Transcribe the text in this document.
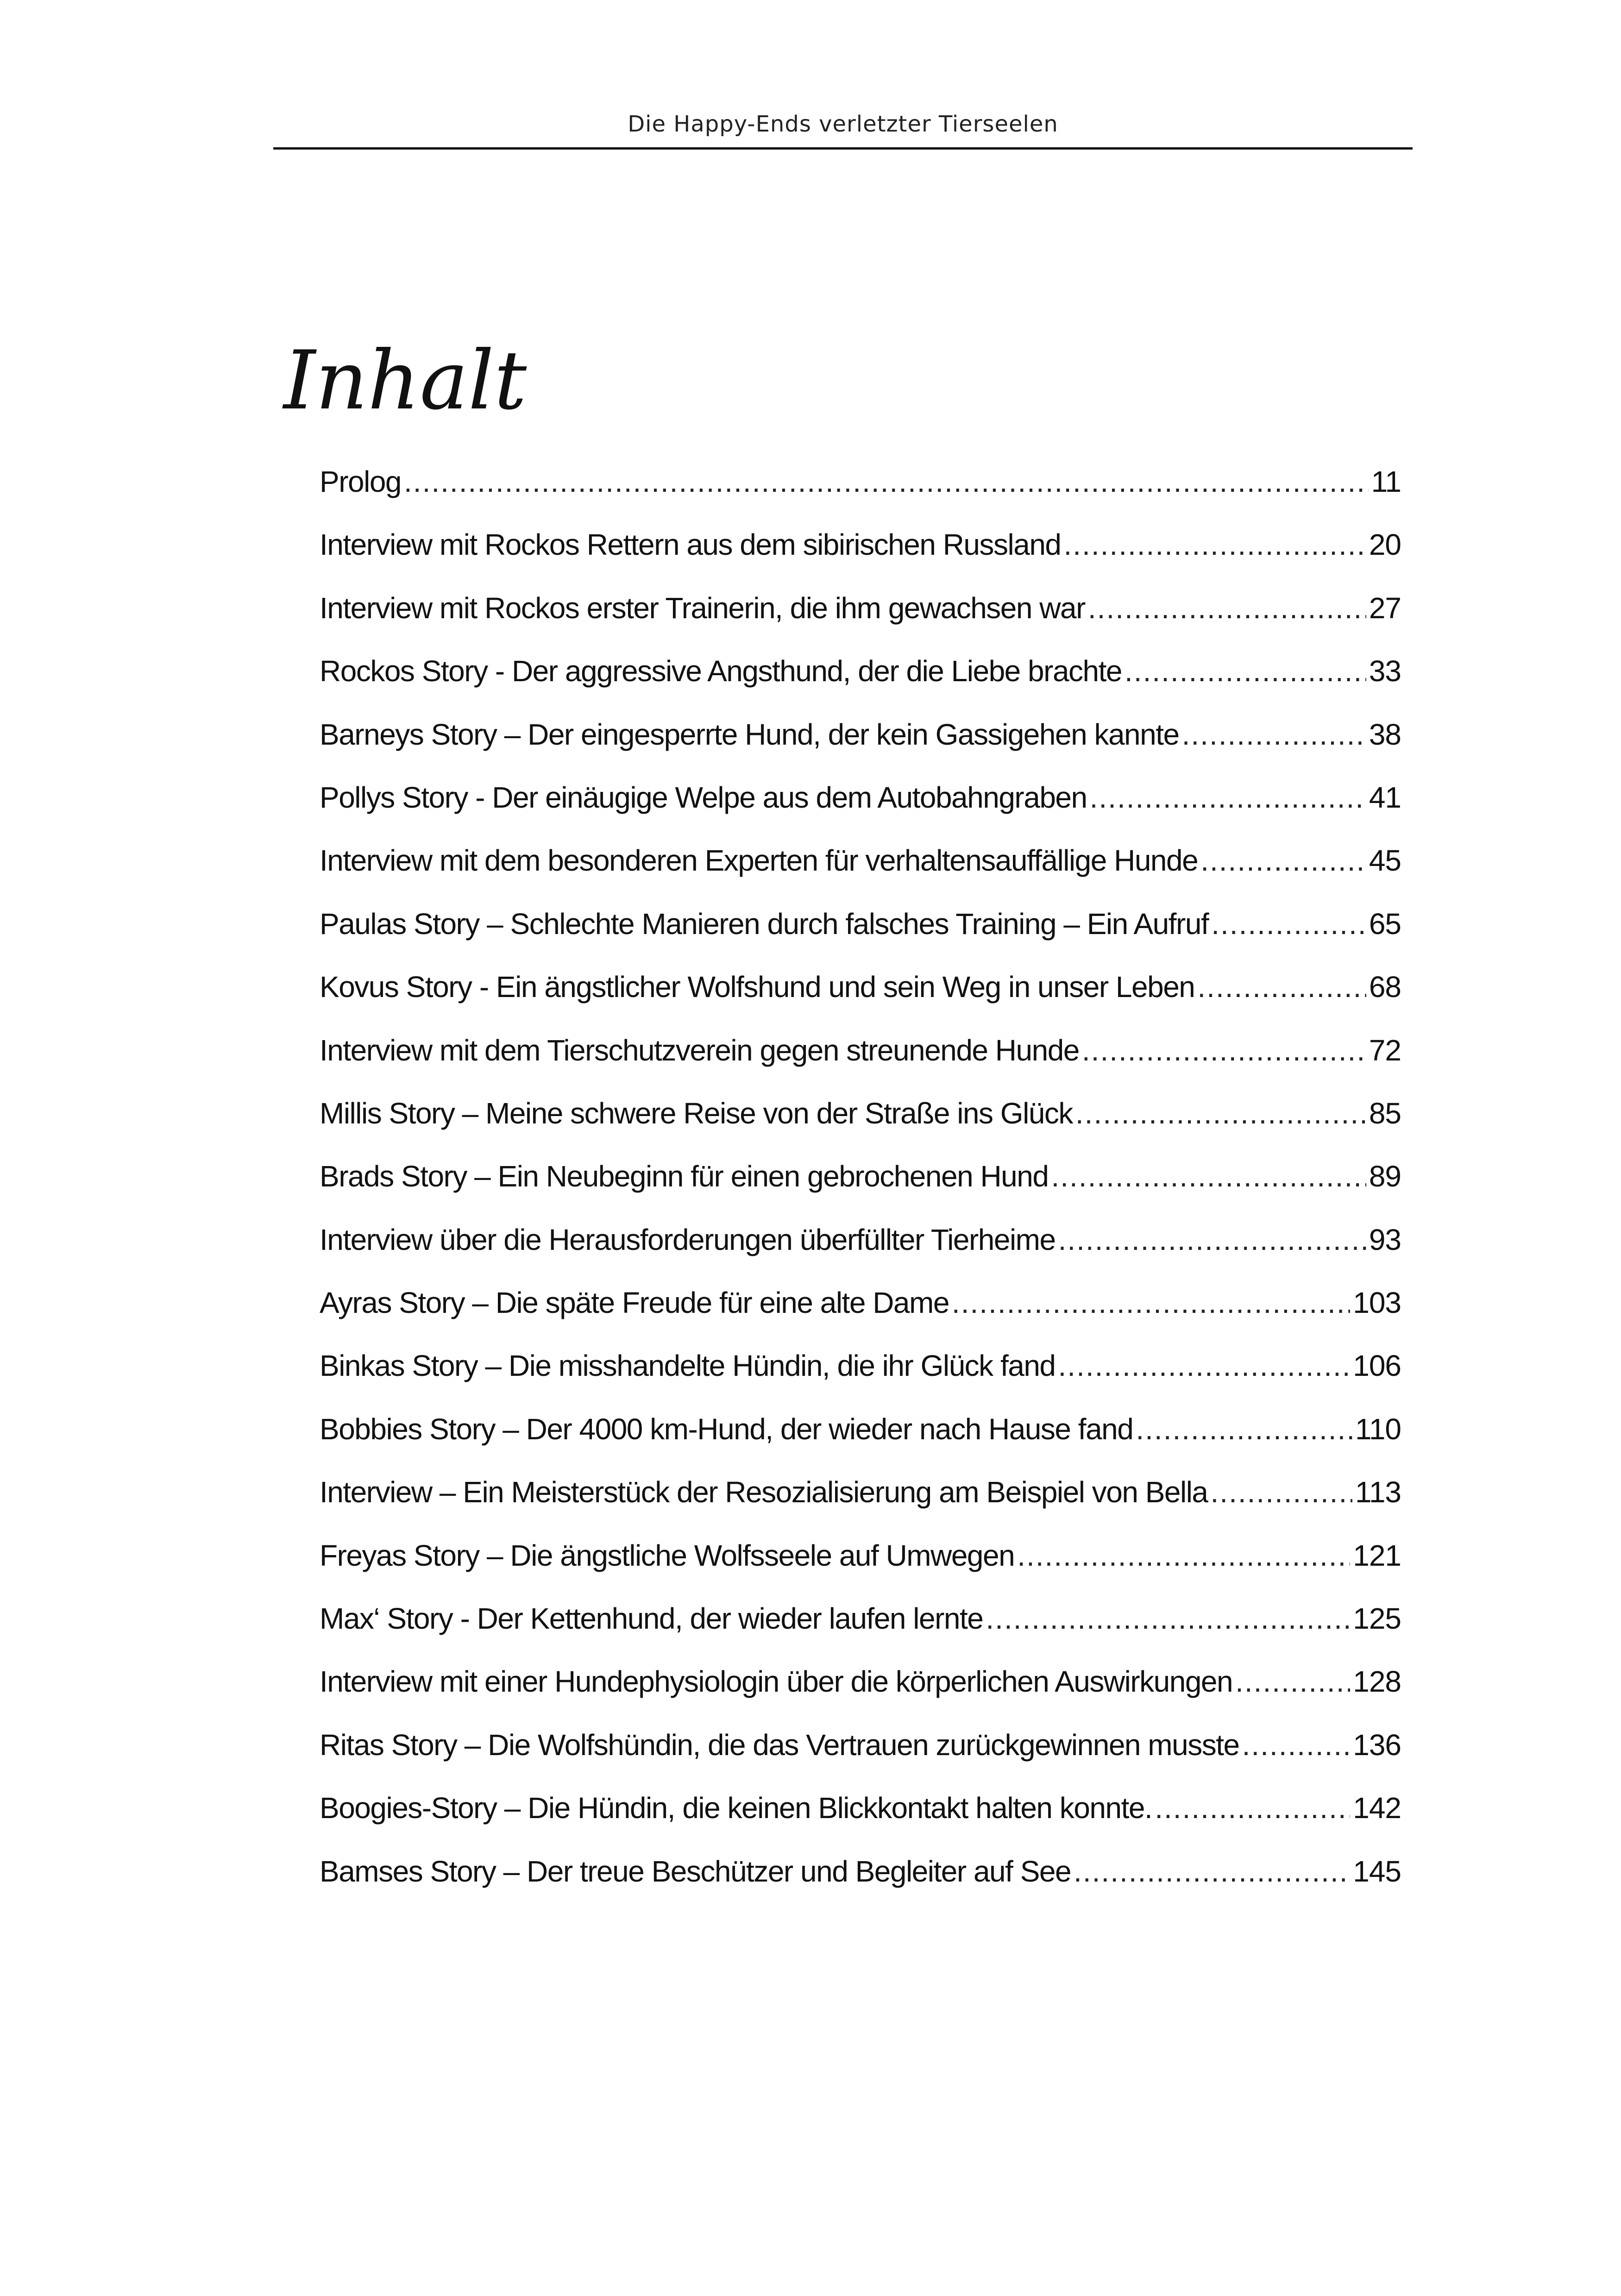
Die Happy-Ends verletzter Tierseelen
Inhalt
Prolog .....	11
Interview mit Rockos Rettern aus dem sibirischen Russland .....	20
Interview mit Rockos erster Trainerin, die ihm gewachsen war .....	27
Rockos Story - Der aggressive Angsthund, der die Liebe brachte .....	33
Barneys Story – Der eingesperrte Hund, der kein Gassigehen kannte .....	38
Pollys Story - Der einäugige Welpe aus dem Autobahngraben .....	41
Interview mit dem besonderen Experten für verhaltensauffällige Hunde .....	45
Paulas Story – Schlechte Manieren durch falsches Training – Ein Aufruf .....	65
Kovus Story - Ein ängstlicher Wolfshund und sein Weg in unser Leben .....	68
Interview mit dem Tierschutzverein gegen streunende Hunde .....	72
Millis Story – Meine schwere Reise von der Straße ins Glück .....	85
Brads Story – Ein Neubeginn für einen gebrochenen Hund .....	89
Interview über die Herausforderungen überfüllter Tierheime .....	93
Ayras Story – Die späte Freude für eine alte Dame .....	103
Binkas Story – Die misshandelte Hündin, die ihr Glück fand .....	106
Bobbies Story – Der 4000 km-Hund, der wieder nach Hause fand .....	110
Interview – Ein Meisterstück der Resozialisierung am Beispiel von Bella .....	113
Freyas Story – Die ängstliche Wolfsseele auf Umwegen .....	121
Max‘ Story - Der Kettenhund, der wieder laufen lernte .....	125
Interview mit einer Hundephysiologin über die körperlichen Auswirkungen .....	128
Ritas Story – Die Wolfshündin, die das Vertrauen zurückgewinnen musste .....	136
Boogies-Story – Die Hündin, die keinen Blickkontakt halten konnte. .....	142
Bamses Story – Der treue Beschützer und Begleiter auf See .....	145
